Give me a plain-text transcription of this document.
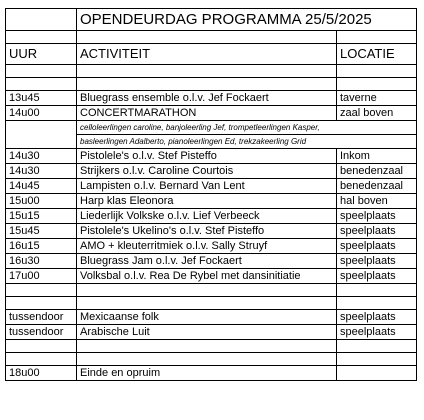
	OPENDEURDAG PROGRAMMA 25/5/2025	

UUR	ACTIVITEIT	LOCATIE

13u45	Bluegrass ensemble o.l.v. Jef Fockaert	taverne
14u00	CONCERTMARATHON	zaal boven
	celloleerlingen caroline, banjoleerling Jef, trompetleerlingen Kasper,	
	basleerlingen Adalberto, pianoleerlingen Ed, trekzakeerling Grid	
14u30	Pistolele's o.l.v. Stef Pisteffo	Inkom
14u30	Strijkers o.l.v. Caroline Courtois	benedenzaal
14u45	Lampisten o.l.v. Bernard Van Lent	benedenzaal
15u00	Harp klas Eleonora	hal boven
15u15	Liederlijk Volkske o.l.v. Lief Verbeeck	speelplaats
15u45	Pistolele's Ukelino's o.l.v. Stef Pisteffo	speelplaats
16u15	AMO + kleuterritmiek o.l.v. Sally Struyf	speelplaats
16u30	Bluegrass Jam o.l.v. Jef Fockaert	speelplaats
17u00	Volksbal o.l.v. Rea De Rybel met dansinitiatie	speelplaats

tussendoor	Mexicaanse folk	speelplaats
tussendoor	Arabische Luit	speelplaats

18u00	Einde en opruim	
